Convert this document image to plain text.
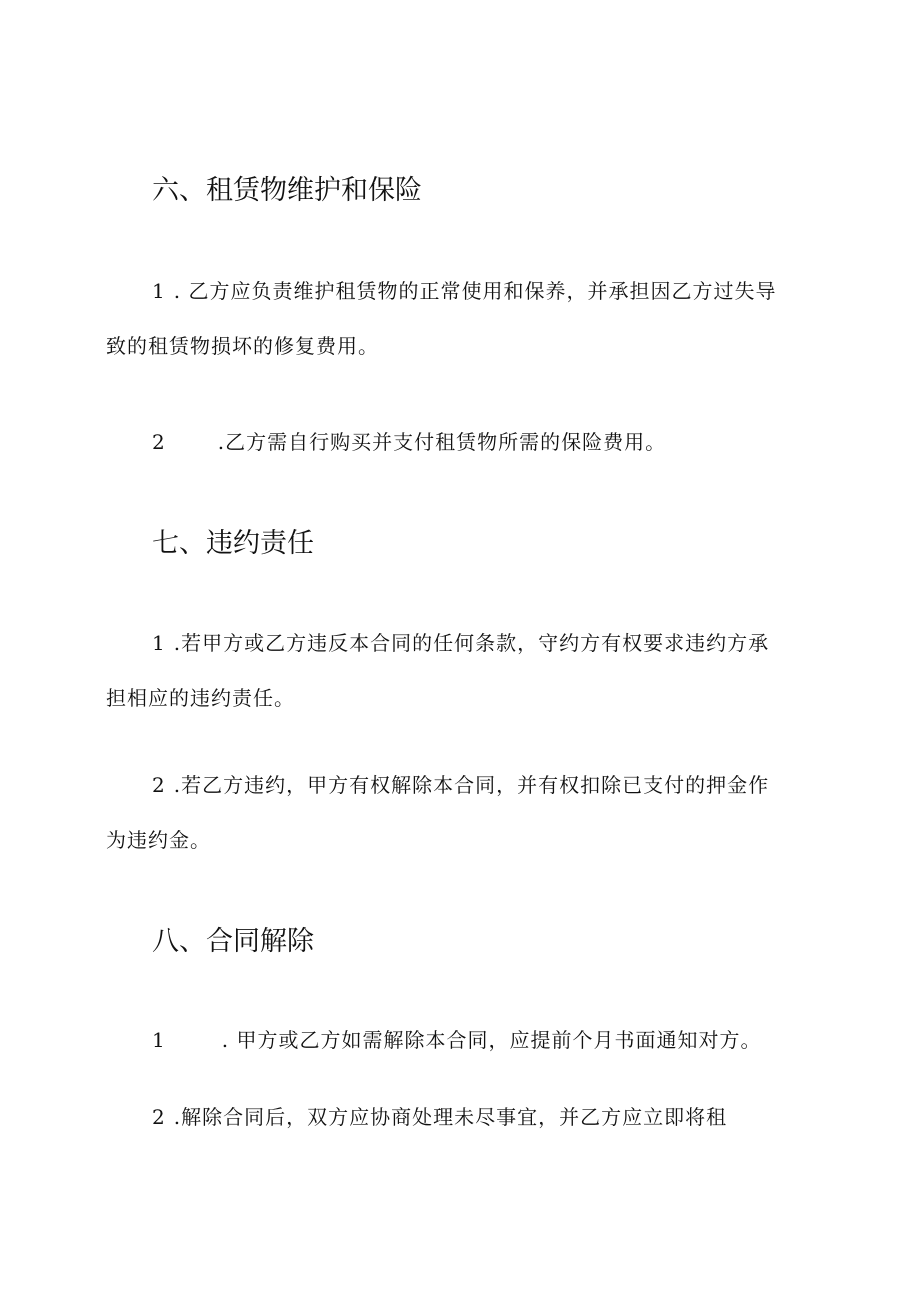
六、租赁物维护和保险
1 . 乙方应负责维护租赁物的正常使用和保养，并承担因乙方过失导
致的租赁物损坏的修复费用。
2	.乙方需自行购买并支付租赁物所需的保险费用。
七、违约责任
1 .若甲方或乙方违反本合同的任何条款，守约方有权要求违约方承
担相应的违约责任。
2 .若乙方违约，甲方有权解除本合同，并有权扣除已支付的押金作
为违约金。
八、合同解除
1	. 甲方或乙方如需解除本合同，应提前个月书面通知对方。
2 .解除合同后，双方应协商处理未尽事宜，并乙方应立即将租
